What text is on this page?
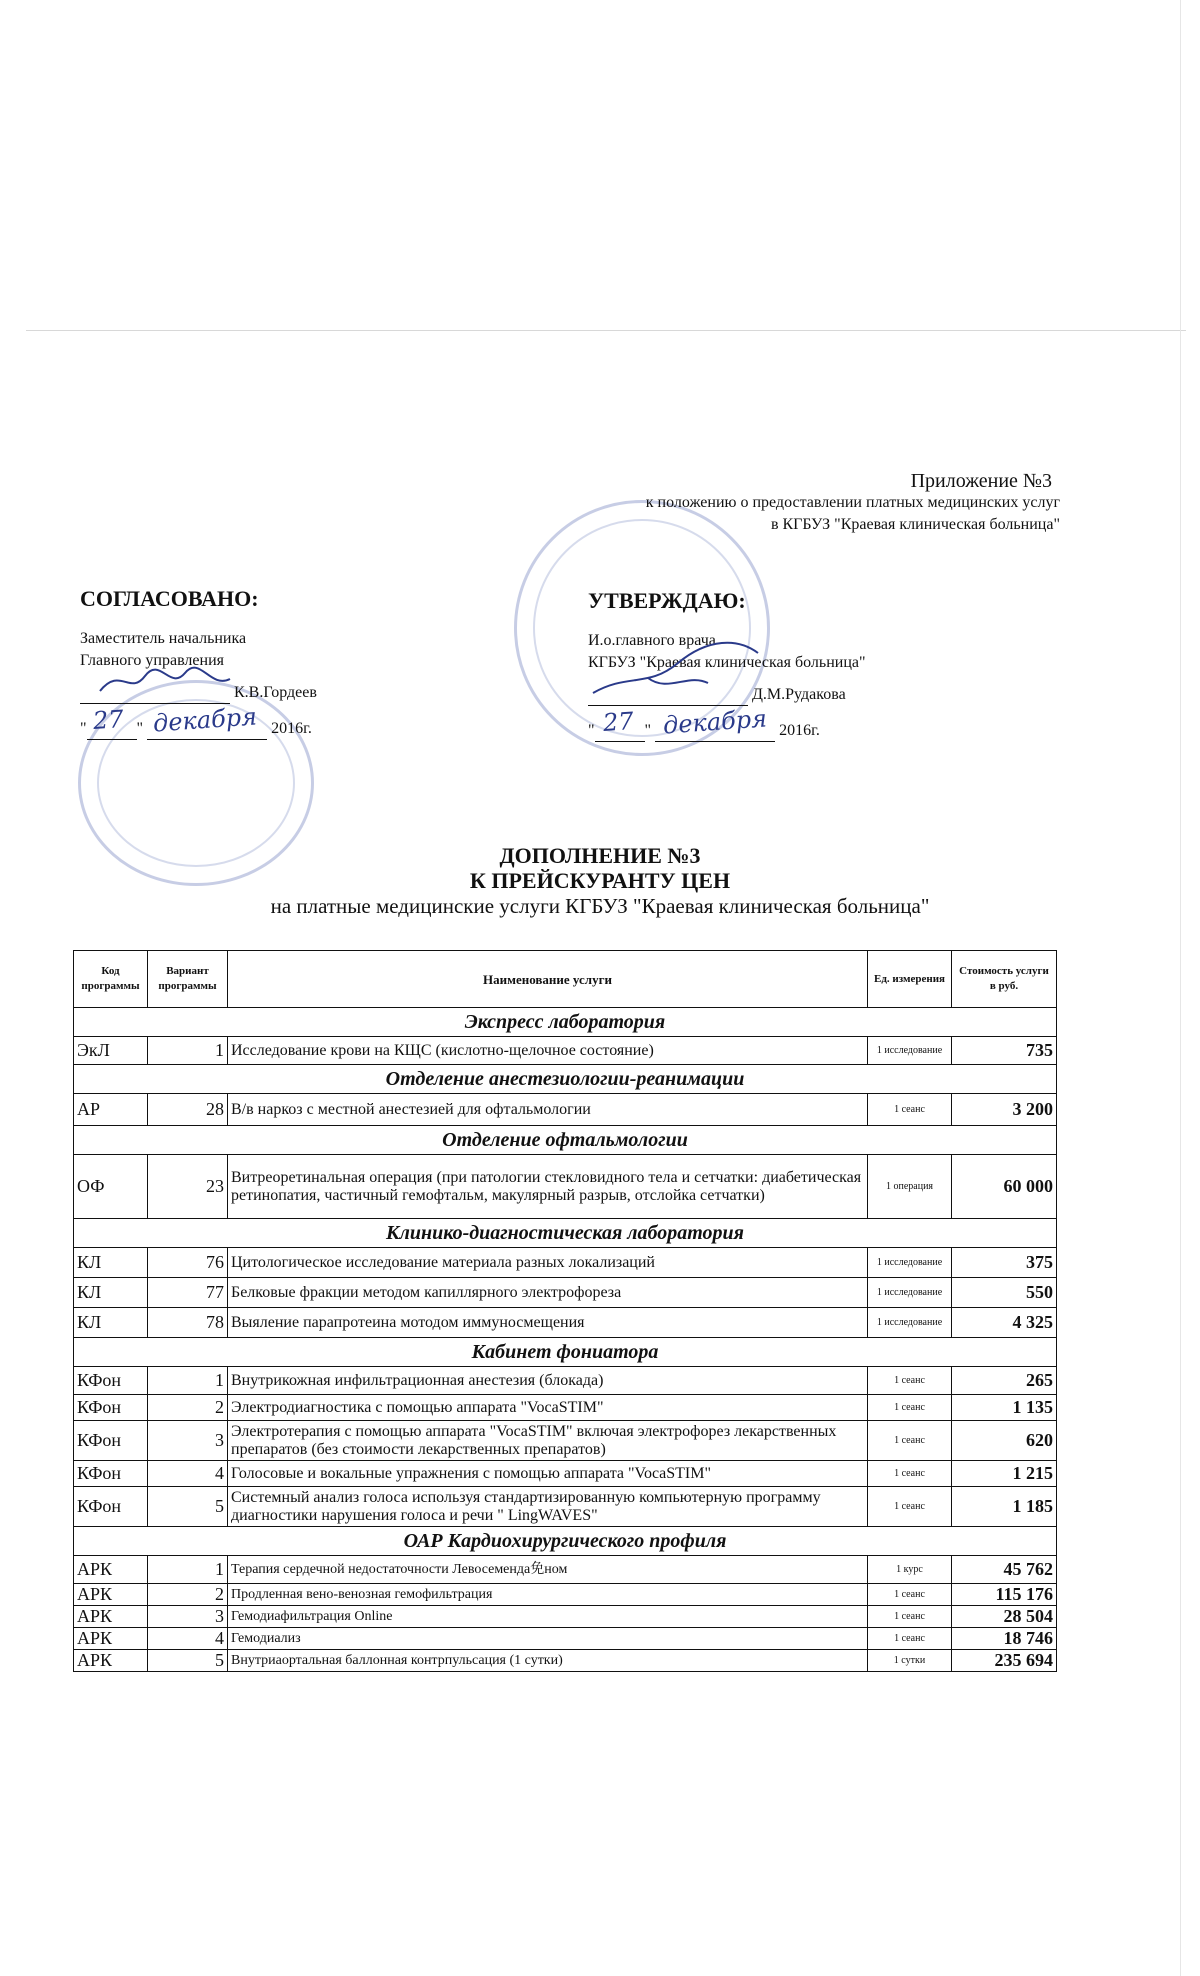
Приложение №3
к положению о предоставлении платных медицинских услуг
в КГБУЗ "Краевая клиническая больница"
СОГЛАСОВАНО:
Заместитель начальника
Главного управления
К.В.Гордеев
" 27 " декабря 2016г.
УТВЕРЖДАЮ:
И.о.главного врача
КГБУЗ "Краевая клиническая больница"
Д.М.Рудакова
" 27 " декабря 2016г.
ДОПОЛНЕНИЕ №3
К ПРЕЙСКУРАНТУ ЦЕН
на платные медицинские услуги КГБУЗ "Краевая клиническая больница"
Код программы	Вариант программы	Наименование услуги	Ед. измерения	Стоимость услуги в руб.
Экспресс лаборатория				
ЭкЛ	1	Исследование крови на КЩС (кислотно-щелочное состояние)	1 исследование	735
Отделение анестезиологии-реанимации				
АР	28	В/в наркоз с местной анестезией для офтальмологии	1 сеанс	3 200
Отделение офтальмологии				
ОФ	23	Витреоретинальная операция (при патологии стекловидного тела и сетчатки: диабетическая ретинопатия, частичный гемофтальм, макулярный разрыв, отслойка сетчатки)	1 операция	60 000
Клинико-диагностическая лаборатория				
КЛ	76	Цитологическое исследование материала разных локализаций	1 исследование	375
КЛ	77	Белковые фракции методом капиллярного электрофореза	1 исследование	550
КЛ	78	Выяление парапротеина мотодом иммуносмещения	1 исследование	4 325
Кабинет фониатора				
КФон	1	Внутрикожная инфильтрационная анестезия (блокада)	1 сеанс	265
КФон	2	Электродиагностика с помощью аппарата "VocaSTIM"	1 сеанс	1 135
КФон	3	Электротерапия с помощью аппарата "VocaSTIM" включая электрофорез лекарственных препаратов (без стоимости лекарственных препаратов)	1 сеанс	620
КФон	4	Голосовые и вокальные упражнения с помощью аппарата "VocaSTIM"	1 сеанс	1 215
КФон	5	Системный анализ голоса используя стандартизированную компьютерную программу диагностики нарушения голоса и речи " LingWAVES"	1 сеанс	1 185
ОАР Кардиохирургического профиля				
АРК	1	Терапия сердечной недостаточности Левосеменда免ном	1 курс	45 762
АРК	2	Продленная вено-венозная гемофильтрация	1 сеанс	115 176
АРК	3	Гемодиафильтрация Online	1 сеанс	28 504
АРК	4	Гемодиализ	1 сеанс	18 746
АРК	5	Внутриаортальная баллонная контрпульсация (1 сутки)	1 сутки	235 694
